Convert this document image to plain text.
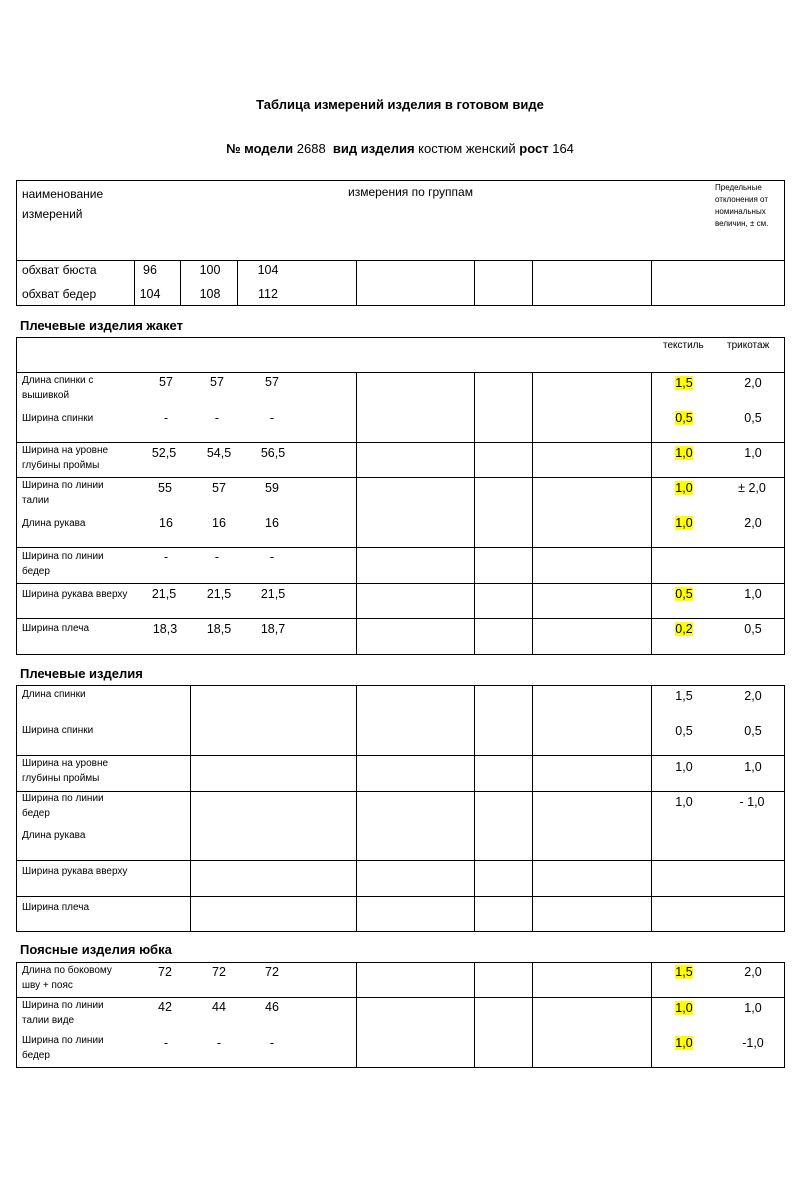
Таблица измерений изделия в готовом виде
№ модели 2688 вид изделия костюм женский рост 164
наименование измерений
измерения по группам	Предельные отклонения от номинальных величин, ± см.
обхват бюста	96	100	104
обхват бедер	104	108	112
Плечевые изделия жакет
текстиль трикотаж
Длина спинки с вышивкой
57	57	57	1,5	2,0
Ширина спинки	-	-	-	0,5	0,5
Ширина на уровне глубины проймы
52,5	54,5	56,5	1,0	1,0
Ширина по линии талии
55	57	59	1,0	± 2,0
Длина рукава	16	16	16	1,0	2,0
Ширина по линии бедер
-	-	-
Ширина рукава вверху	21,5	21,5	21,5	0,5	1,0
Ширина плеча	18,3	18,5	18,7	0,2	0,5
Плечевые изделия
Длина спинки	1,5	2,0
Ширина спинки	0,5	0,5
Ширина на уровне глубины проймы
1,0	1,0
Ширина по линии бедер
1,0	- 1,0
Длина рукава
Ширина рукава вверху
Ширина плеча
Поясные изделия юбка
Длина по боковому шву + пояс
72	72	72	1,5	2,0
Ширина по линии талии виде
42	44	46	1,0	1,0
Ширина по линии бедер
-	-	-	1,0	-1,0
